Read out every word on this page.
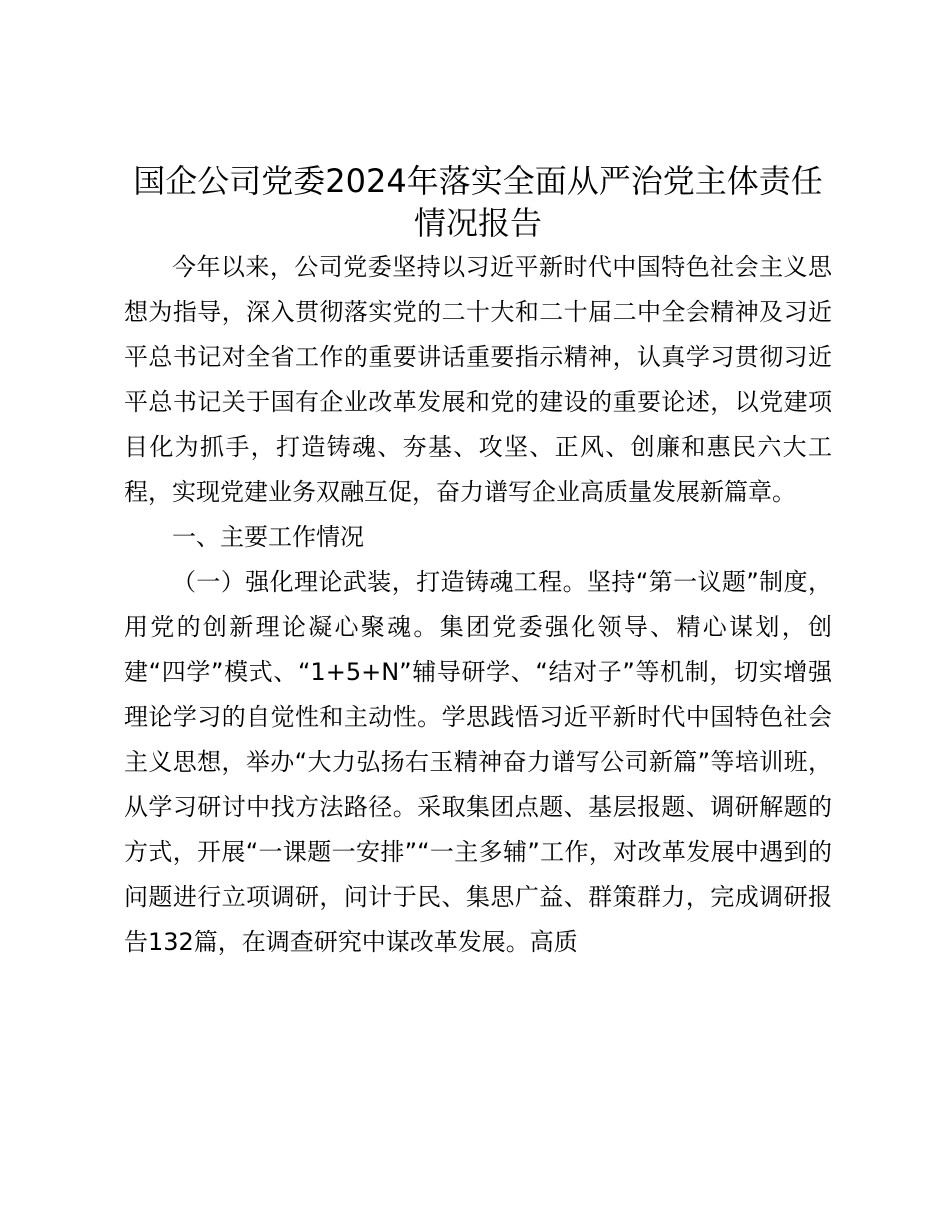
国企公司党委2024年落实全面从严治党主体责任情况报告

今年以来，公司党委坚持以习近平新时代中国特色社会主义思想为指导，深入贯彻落实党的二十大和二十届二中全会精神及习近平总书记对全省工作的重要讲话重要指示精神，认真学习贯彻习近平总书记关于国有企业改革发展和党的建设的重要论述，以党建项目化为抓手，打造铸魂、夯基、攻坚、正风、创廉和惠民六大工程，实现党建业务双融互促，奋力谱写企业高质量发展新篇章。

一、主要工作情况

（一）强化理论武装，打造铸魂工程。坚持“第一议题”制度，用党的创新理论凝心聚魂。集团党委强化领导、精心谋划，创建“四学”模式、“1+5+N”辅导研学、“结对子”等机制，切实增强理论学习的自觉性和主动性。学思践悟习近平新时代中国特色社会主义思想，举办“大力弘扬右玉精神奋力谱写公司新篇”等培训班，从学习研讨中找方法路径。采取集团点题、基层报题、调研解题的方式，开展“一课题一安排”“一主多辅”工作，对改革发展中遇到的问题进行立项调研，问计于民、集思广益、群策群力，完成调研报告132篇，在调查研究中谋改革发展。高质
